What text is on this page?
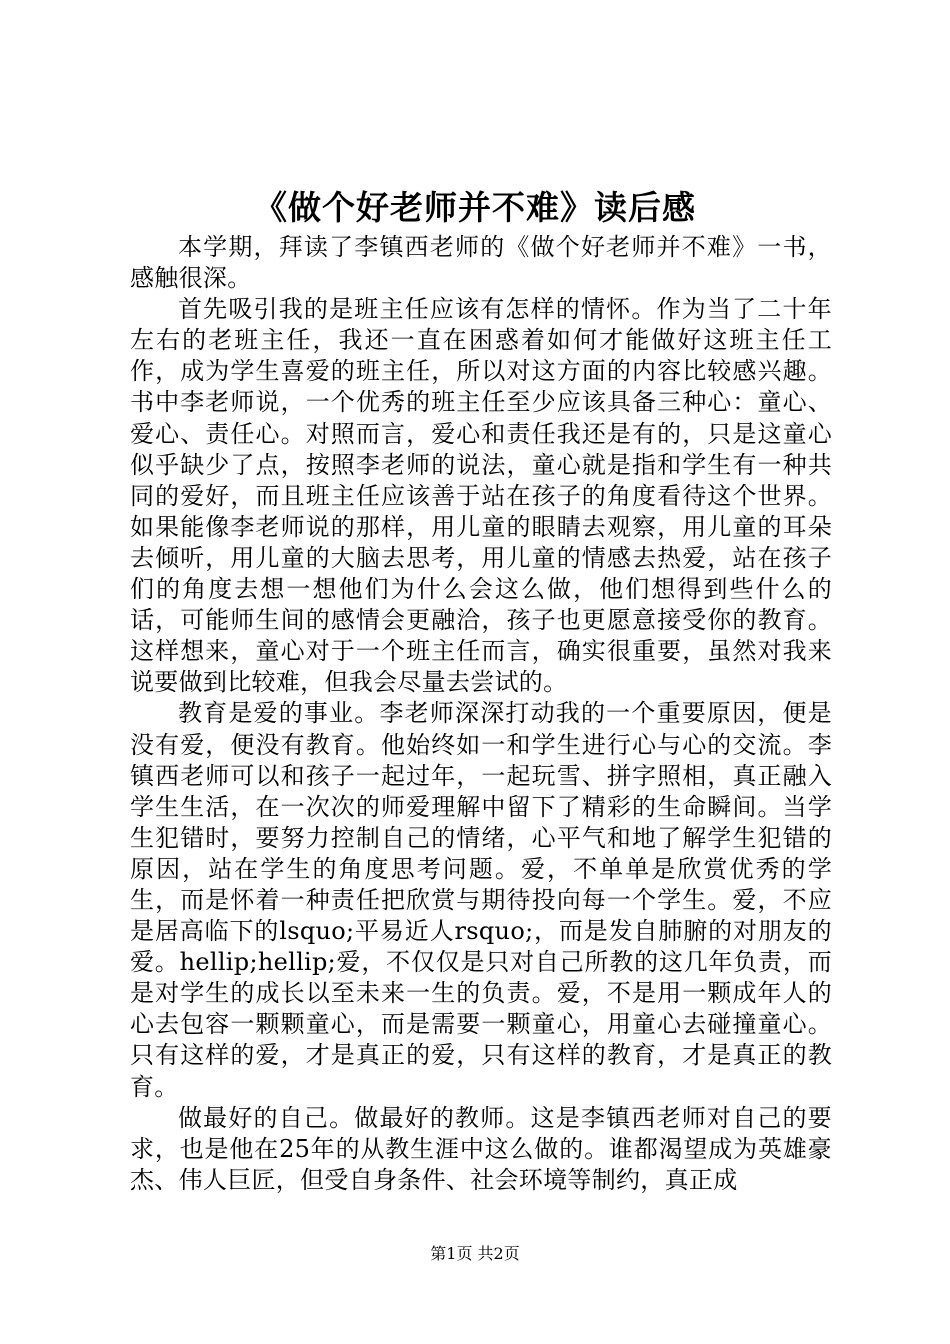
《做个好老师并不难》读后感

本学期，拜读了李镇西老师的《做个好老师并不难》一书，感触很深。

首先吸引我的是班主任应该有怎样的情怀。作为当了二十年左右的老班主任，我还一直在困惑着如何才能做好这班主任工作，成为学生喜爱的班主任，所以对这方面的内容比较感兴趣。书中李老师说，一个优秀的班主任至少应该具备三种心：童心、爱心、责任心。对照而言，爱心和责任我还是有的，只是这童心似乎缺少了点，按照李老师的说法，童心就是指和学生有一种共同的爱好，而且班主任应该善于站在孩子的角度看待这个世界。如果能像李老师说的那样，用儿童的眼睛去观察，用儿童的耳朵去倾听，用儿童的大脑去思考，用儿童的情感去热爱，站在孩子们的角度去想一想他们为什么会这么做，他们想得到些什么的话，可能师生间的感情会更融洽，孩子也更愿意接受你的教育。这样想来，童心对于一个班主任而言，确实很重要，虽然对我来说要做到比较难，但我会尽量去尝试的。

教育是爱的事业。李老师深深打动我的一个重要原因，便是没有爱，便没有教育。他始终如一和学生进行心与心的交流。李镇西老师可以和孩子一起过年，一起玩雪、拼字照相，真正融入学生生活，在一次次的师爱理解中留下了精彩的生命瞬间。当学生犯错时，要努力控制自己的情绪，心平气和地了解学生犯错的原因，站在学生的角度思考问题。爱，不单单是欣赏优秀的学生，而是怀着一种责任把欣赏与期待投向每一个学生。爱，不应是居高临下的lsquo;平易近人rsquo;，而是发自肺腑的对朋友的爱。hellip;hellip;爱，不仅仅是只对自己所教的这几年负责，而是对学生的成长以至未来一生的负责。爱，不是用一颗成年人的心去包容一颗颗童心，而是需要一颗童心，用童心去碰撞童心。只有这样的爱，才是真正的爱，只有这样的教育，才是真正的教育。

做最好的自己。做最好的教师。这是李镇西老师对自己的要求，也是他在25年的从教生涯中这么做的。谁都渴望成为英雄豪杰、伟人巨匠，但受自身条件、社会环境等制约，真正成

第1页 共2页
